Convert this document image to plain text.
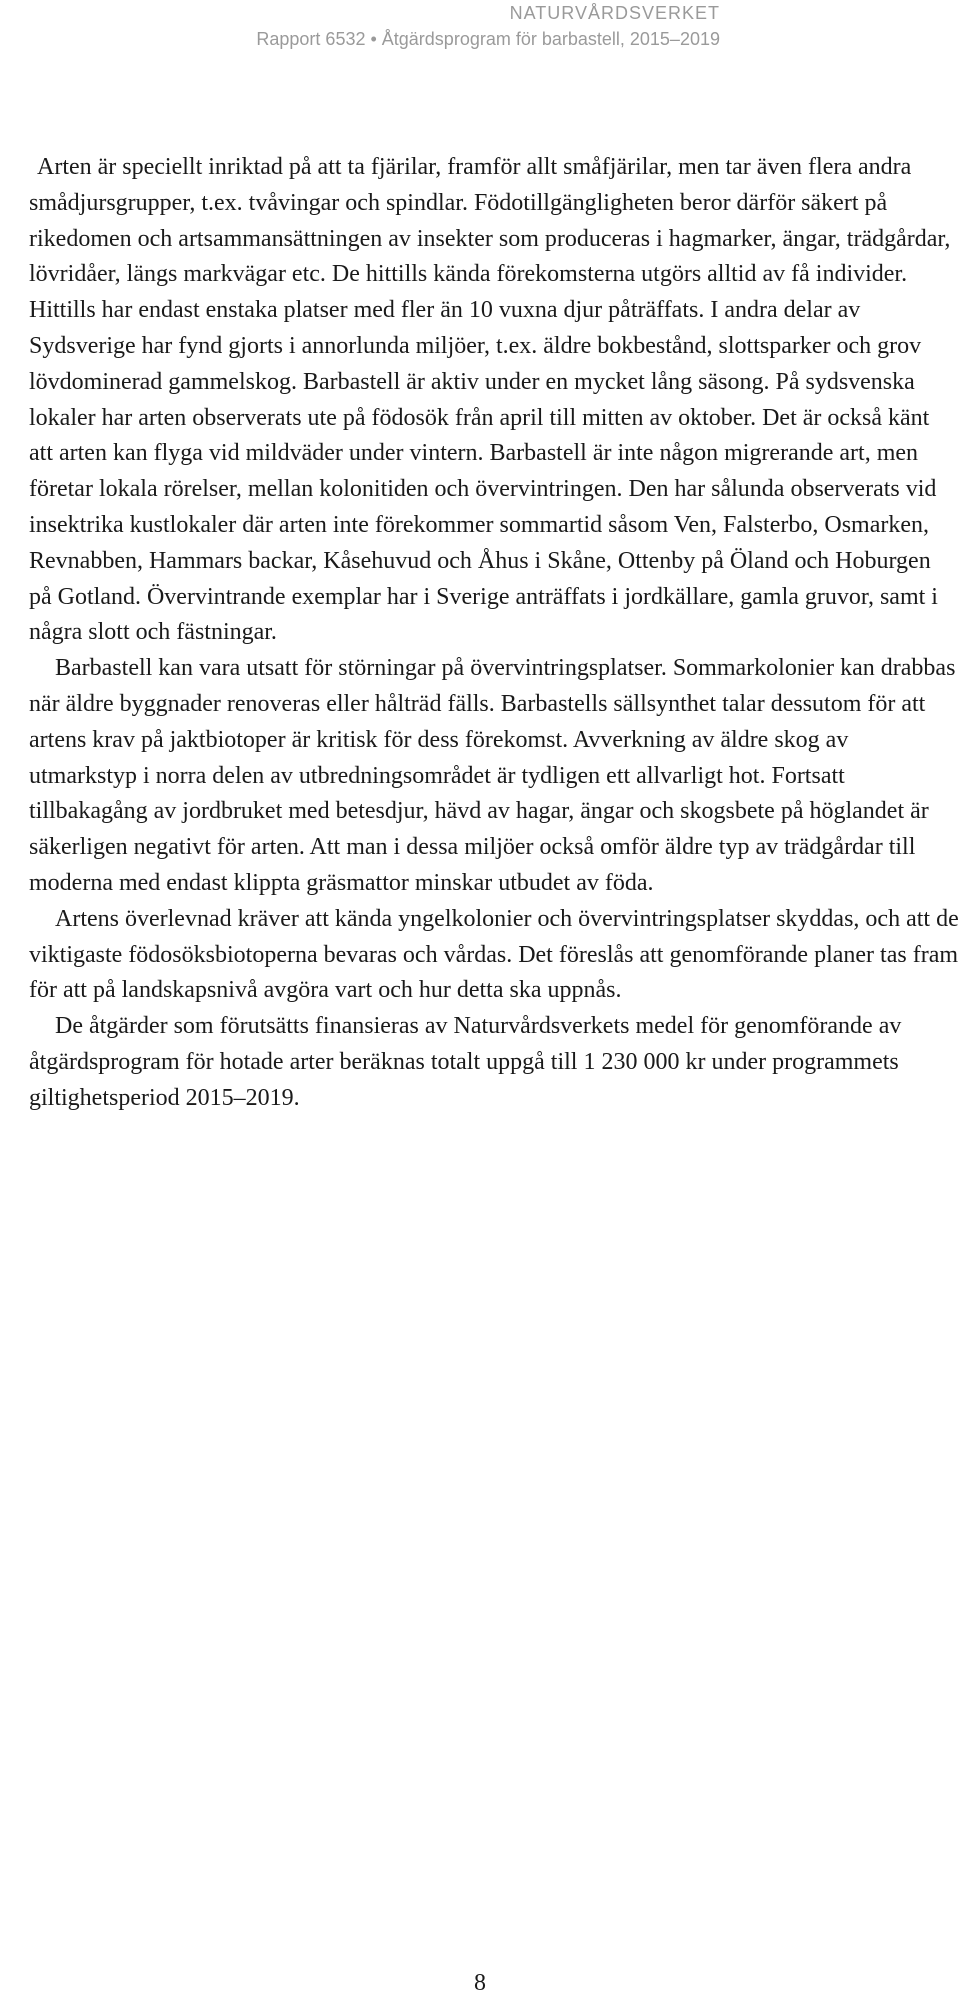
NATURVÅRDSVERKET
Rapport 6532 • Åtgärdsprogram för barbastell, 2015–2019

Arten är speciellt inriktad på att ta fjärilar, framför allt småfjärilar, men tar även flera andra smådjursgrupper, t.ex. tvåvingar och spindlar. Födotillgängligheten beror därför säkert på rikedomen och artsammansättningen av insekter som produceras i hagmarker, ängar, trädgårdar, lövridåer, längs markvägar etc. De hittills kända förekomsterna utgörs alltid av få individer. Hittills har endast enstaka platser med fler än 10 vuxna djur påträffats. I andra delar av Sydsverige har fynd gjorts i annorlunda miljöer, t.ex. äldre bokbestånd, slottsparker och grov lövdominerad gammelskog. Barbastell är aktiv under en mycket lång säsong. På sydsvenska lokaler har arten observerats ute på födosök från april till mitten av oktober. Det är också känt att arten kan flyga vid mildväder under vintern. Barbastell är inte någon migrerande art, men företar lokala rörelser, mellan kolonitiden och övervintringen. Den har sålunda observerats vid insektrika kustlokaler där arten inte förekommer sommartid såsom Ven, Falsterbo, Osmarken, Revnabben, Hammars backar, Kåsehuvud och Åhus i Skåne, Ottenby på Öland och Hoburgen på Gotland. Övervintrande exemplar har i Sverige anträffats i jordkällare, gamla gruvor, samt i några slott och fästningar.

Barbastell kan vara utsatt för störningar på övervintringsplatser. Sommarkolonier kan drabbas när äldre byggnader renoveras eller hålträd fälls. Barbastells sällsynthet talar dessutom för att artens krav på jaktbiotoper är kritisk för dess förekomst. Avverkning av äldre skog av utmarkstyp i norra delen av utbredningsområdet är tydligen ett allvarligt hot. Fortsatt tillbakagång av jordbruket med betesdjur, hävd av hagar, ängar och skogsbete på höglandet är säkerligen negativt för arten. Att man i dessa miljöer också omför äldre typ av trädgårdar till moderna med endast klippta gräsmattor minskar utbudet av föda.

Artens överlevnad kräver att kända yngelkolonier och övervintringsplatser skyddas, och att de viktigaste födosöksbiotoperna bevaras och vårdas. Det föreslås att genomförande planer tas fram för att på landskapsnivå avgöra vart och hur detta ska uppnås.

De åtgärder som förutsätts finansieras av Naturvårdsverkets medel för genomförande av åtgärdsprogram för hotade arter beräknas totalt uppgå till 1 230 000 kr under programmets giltighetsperiod 2015–2019.

8
